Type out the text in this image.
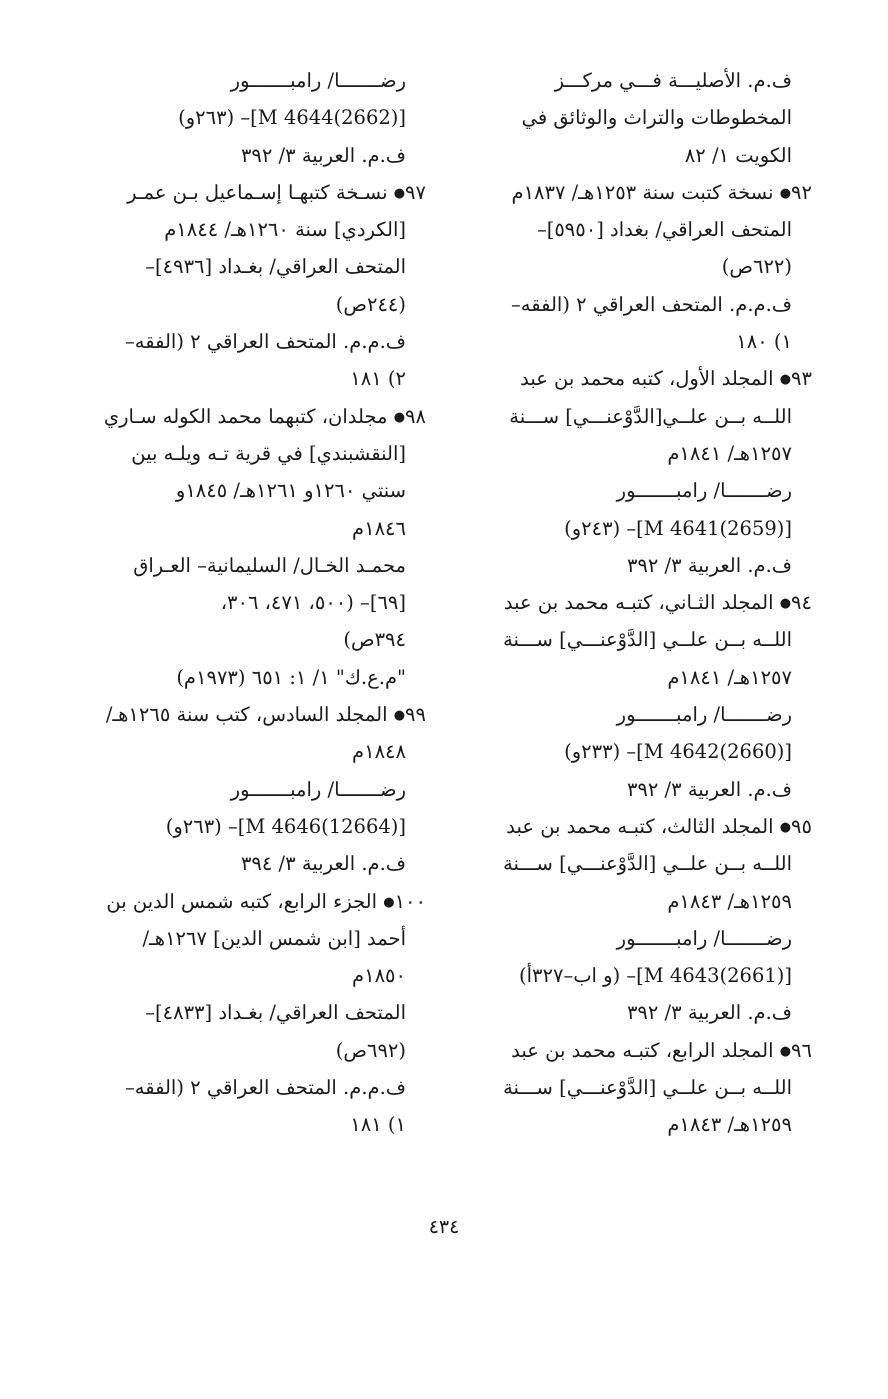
ف.م. الأصليـــة فـــي مركـــز
المخطوطات والتراث والوثائق في
الكويت ١/ ٨٢
٩٢● نسخة كتبت سنة ١٢٥٣هـ/ ١٨٣٧م
المتحف العراقي/ بغداد [٥٩٥٠]–
(٦٢٢ص)
ف.م.م. المتحف العراقي ٢ (الفقه–
١) ١٨٠
٩٣● المجلد الأول، كتبه محمد بن عبد
اللــه بــن علــي[الدَّوْعنـــي] ســـنة
١٢٥٧هـ/ ١٨٤١م
رضـــــــا/ رامبـــــــور
[M 4641(2659)]– (٢٤٣و)
ف.م. العربية ٣/ ٣٩٢
٩٤● المجلد الثـاني، كتبـه محمد بن عبد
اللــه بــن علــي [الدَّوْعنـــي] ســـنة
١٢٥٧هـ/ ١٨٤١م
رضـــــــا/ رامبـــــــور
[M 4642(2660)]– (٢٣٣و)
ف.م. العربية ٣/ ٣٩٢
٩٥● المجلد الثالث، كتبـه محمد بن عبد
اللــه بــن علــي [الدَّوْعنـــي] ســـنة
١٢٥٩هـ/ ١٨٤٣م
رضـــــــا/ رامبـــــــور
[M 4643(2661)]– (و اب–٣٢٧أ)
ف.م. العربية ٣/ ٣٩٢
٩٦● المجلد الرابع، كتبـه محمد بن عبد
اللــه بــن علــي [الدَّوْعنـــي] ســـنة
١٢٥٩هـ/ ١٨٤٣م
رضـــــــا/ رامبـــــــور
[M 4644(2662)]– (٢٦٣و)
ف.م. العربية ٣/ ٣٩٢
٩٧● نسـخة كتبهـا إسـماعيل بـن عمـر
[الكردي] سنة ١٢٦٠هـ/ ١٨٤٤م
المتحف العراقي/ بغـداد [٤٩٣٦]–
(٢٤٤ص)
ف.م.م. المتحف العراقي ٢ (الفقه–
٢) ١٨١
٩٨● مجلدان، كتبهما محمد الكوله سـاري
[النقشبندي] في قرية تـه ويلـه بين
سنتي ١٢٦٠و ١٢٦١هـ/ ١٨٤٥و
١٨٤٦م
محمـد الخـال/ السليمانية– العـراق
[٦٩]– (٥٠٠، ٤٧١، ٣٠٦،
٣٩٤ص)
"م.ع.ك" ١/ ١: ٦٥١ (١٩٧٣م)
٩٩● المجلد السادس، كتب سنة ١٢٦٥هـ/
١٨٤٨م
رضـــــــا/ رامبـــــــور
[M 4646(12664)]– (٢٦٣و)
ف.م. العربية ٣/ ٣٩٤
١٠٠● الجزء الرابع، كتبه شمس الدين بن
أحمد [ابن شمس الدين] ١٢٦٧هـ/
١٨٥٠م
المتحف العراقي/ بغـداد [٤٨٣٣]–
(٦٩٢ص)
ف.م.م. المتحف العراقي ٢ (الفقه–
١) ١٨١
٤٣٤
